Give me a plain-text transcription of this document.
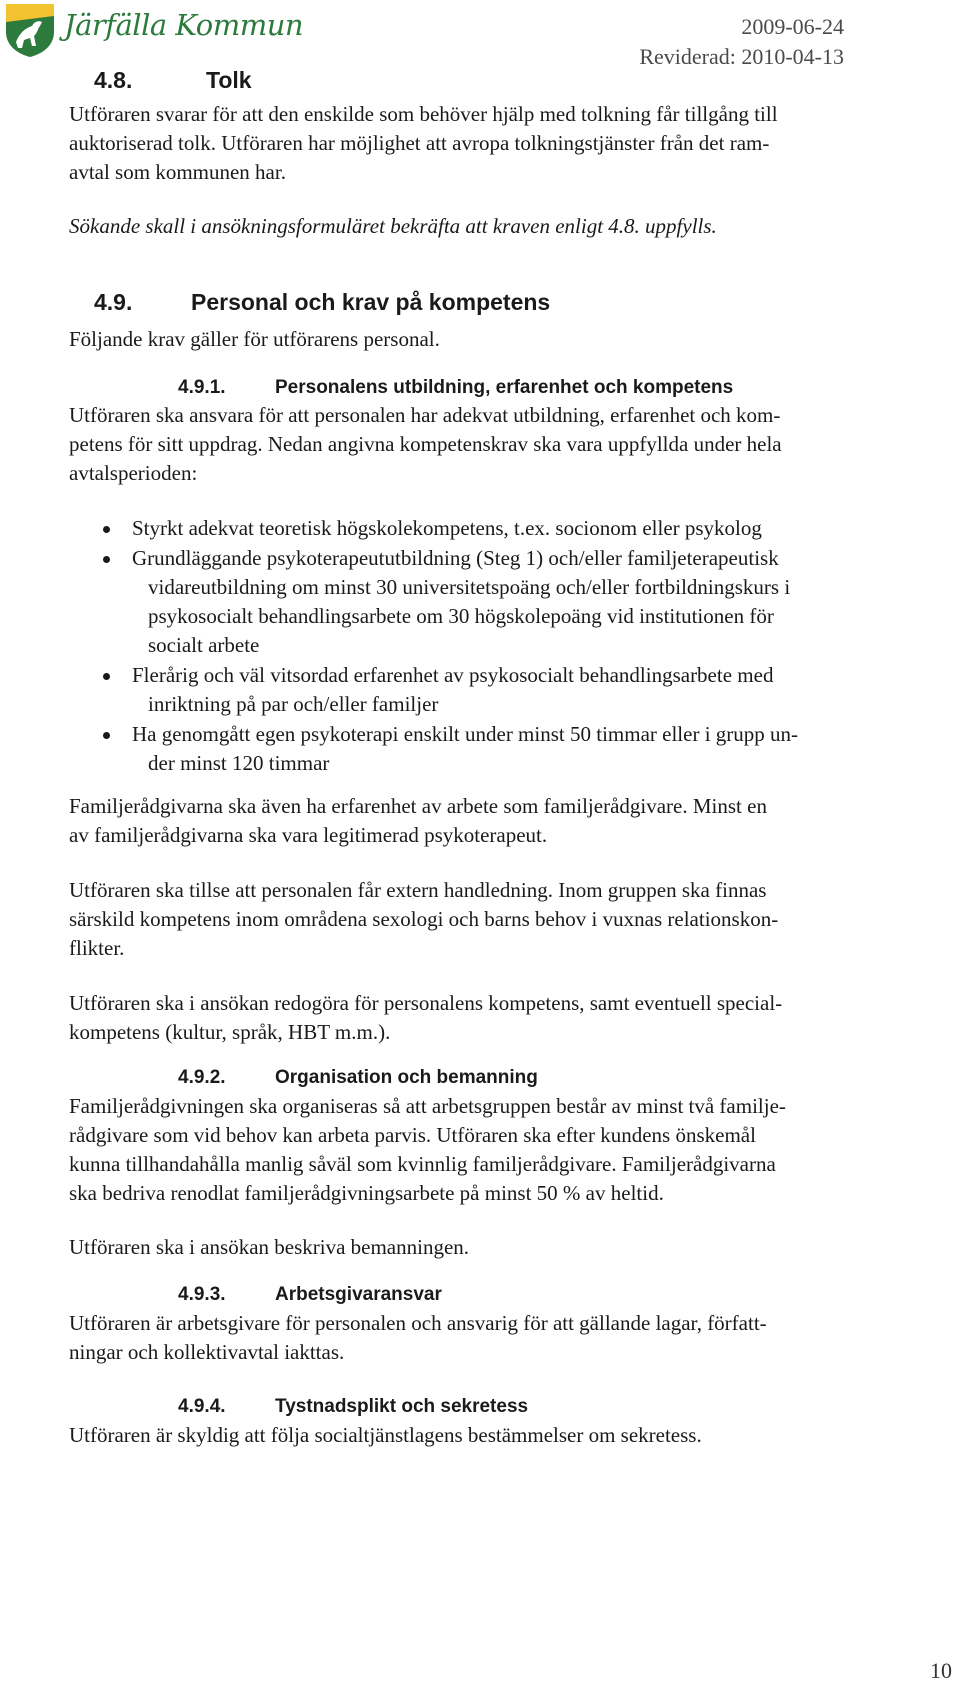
Järfälla Kommun	2009-06-24
Reviderad: 2010-04-13
4.8.	Tolk
Utföraren svarar för att den enskilde som behöver hjälp med tolkning får tillgång till
auktoriserad tolk. Utföraren har möjlighet att avropa tolkningstjänster från det ram-
avtal som kommunen har.
Sökande skall i ansökningsformuläret bekräfta att kraven enligt 4.8. uppfylls.
4.9.	Personal och krav på kompetens
Följande krav gäller för utförarens personal.
4.9.1.	Personalens utbildning, erfarenhet och kompetens
Utföraren ska ansvara för att personalen har adekvat utbildning, erfarenhet och kom-
petens för sitt uppdrag. Nedan angivna kompetenskrav ska vara uppfyllda under hela
avtalsperioden:
Styrkt adekvat teoretisk högskolekompetens, t.ex. socionom eller psykolog
Grundläggande psykoterapeututbildning (Steg 1) och/eller familjeterapeutisk
vidareutbildning om minst 30 universitetspoäng och/eller fortbildningskurs i
psykosocialt behandlingsarbete om 30 högskolepoäng vid institutionen för
socialt arbete
Flerårig och väl vitsordad erfarenhet av psykosocialt behandlingsarbete med
inriktning på par och/eller familjer
Ha genomgått egen psykoterapi enskilt under minst 50 timmar eller i grupp un-
der minst 120 timmar
Familjerådgivarna ska även ha erfarenhet av arbete som familjerådgivare. Minst en
av familjerådgivarna ska vara legitimerad psykoterapeut.
Utföraren ska tillse att personalen får extern handledning. Inom gruppen ska finnas
särskild kompetens inom områdena sexologi och barns behov i vuxnas relationskon-
flikter.
Utföraren ska i ansökan redogöra för personalens kompetens, samt eventuell special-
kompetens (kultur, språk, HBT m.m.).
4.9.2.	Organisation och bemanning
Familjerådgivningen ska organiseras så att arbetsgruppen består av minst två familje-
rådgivare som vid behov kan arbeta parvis. Utföraren ska efter kundens önskemål
kunna tillhandahålla manlig såväl som kvinnlig familjerådgivare. Familjerådgivarna
ska bedriva renodlat familjerådgivningsarbete på minst 50 % av heltid.
Utföraren ska i ansökan beskriva bemanningen.
4.9.3.	Arbetsgivaransvar
Utföraren är arbetsgivare för personalen och ansvarig för att gällande lagar, författ-
ningar och kollektivavtal iakttas.
4.9.4.	Tystnadsplikt och sekretess
Utföraren är skyldig att följa socialtjänstlagens bestämmelser om sekretess.
10
